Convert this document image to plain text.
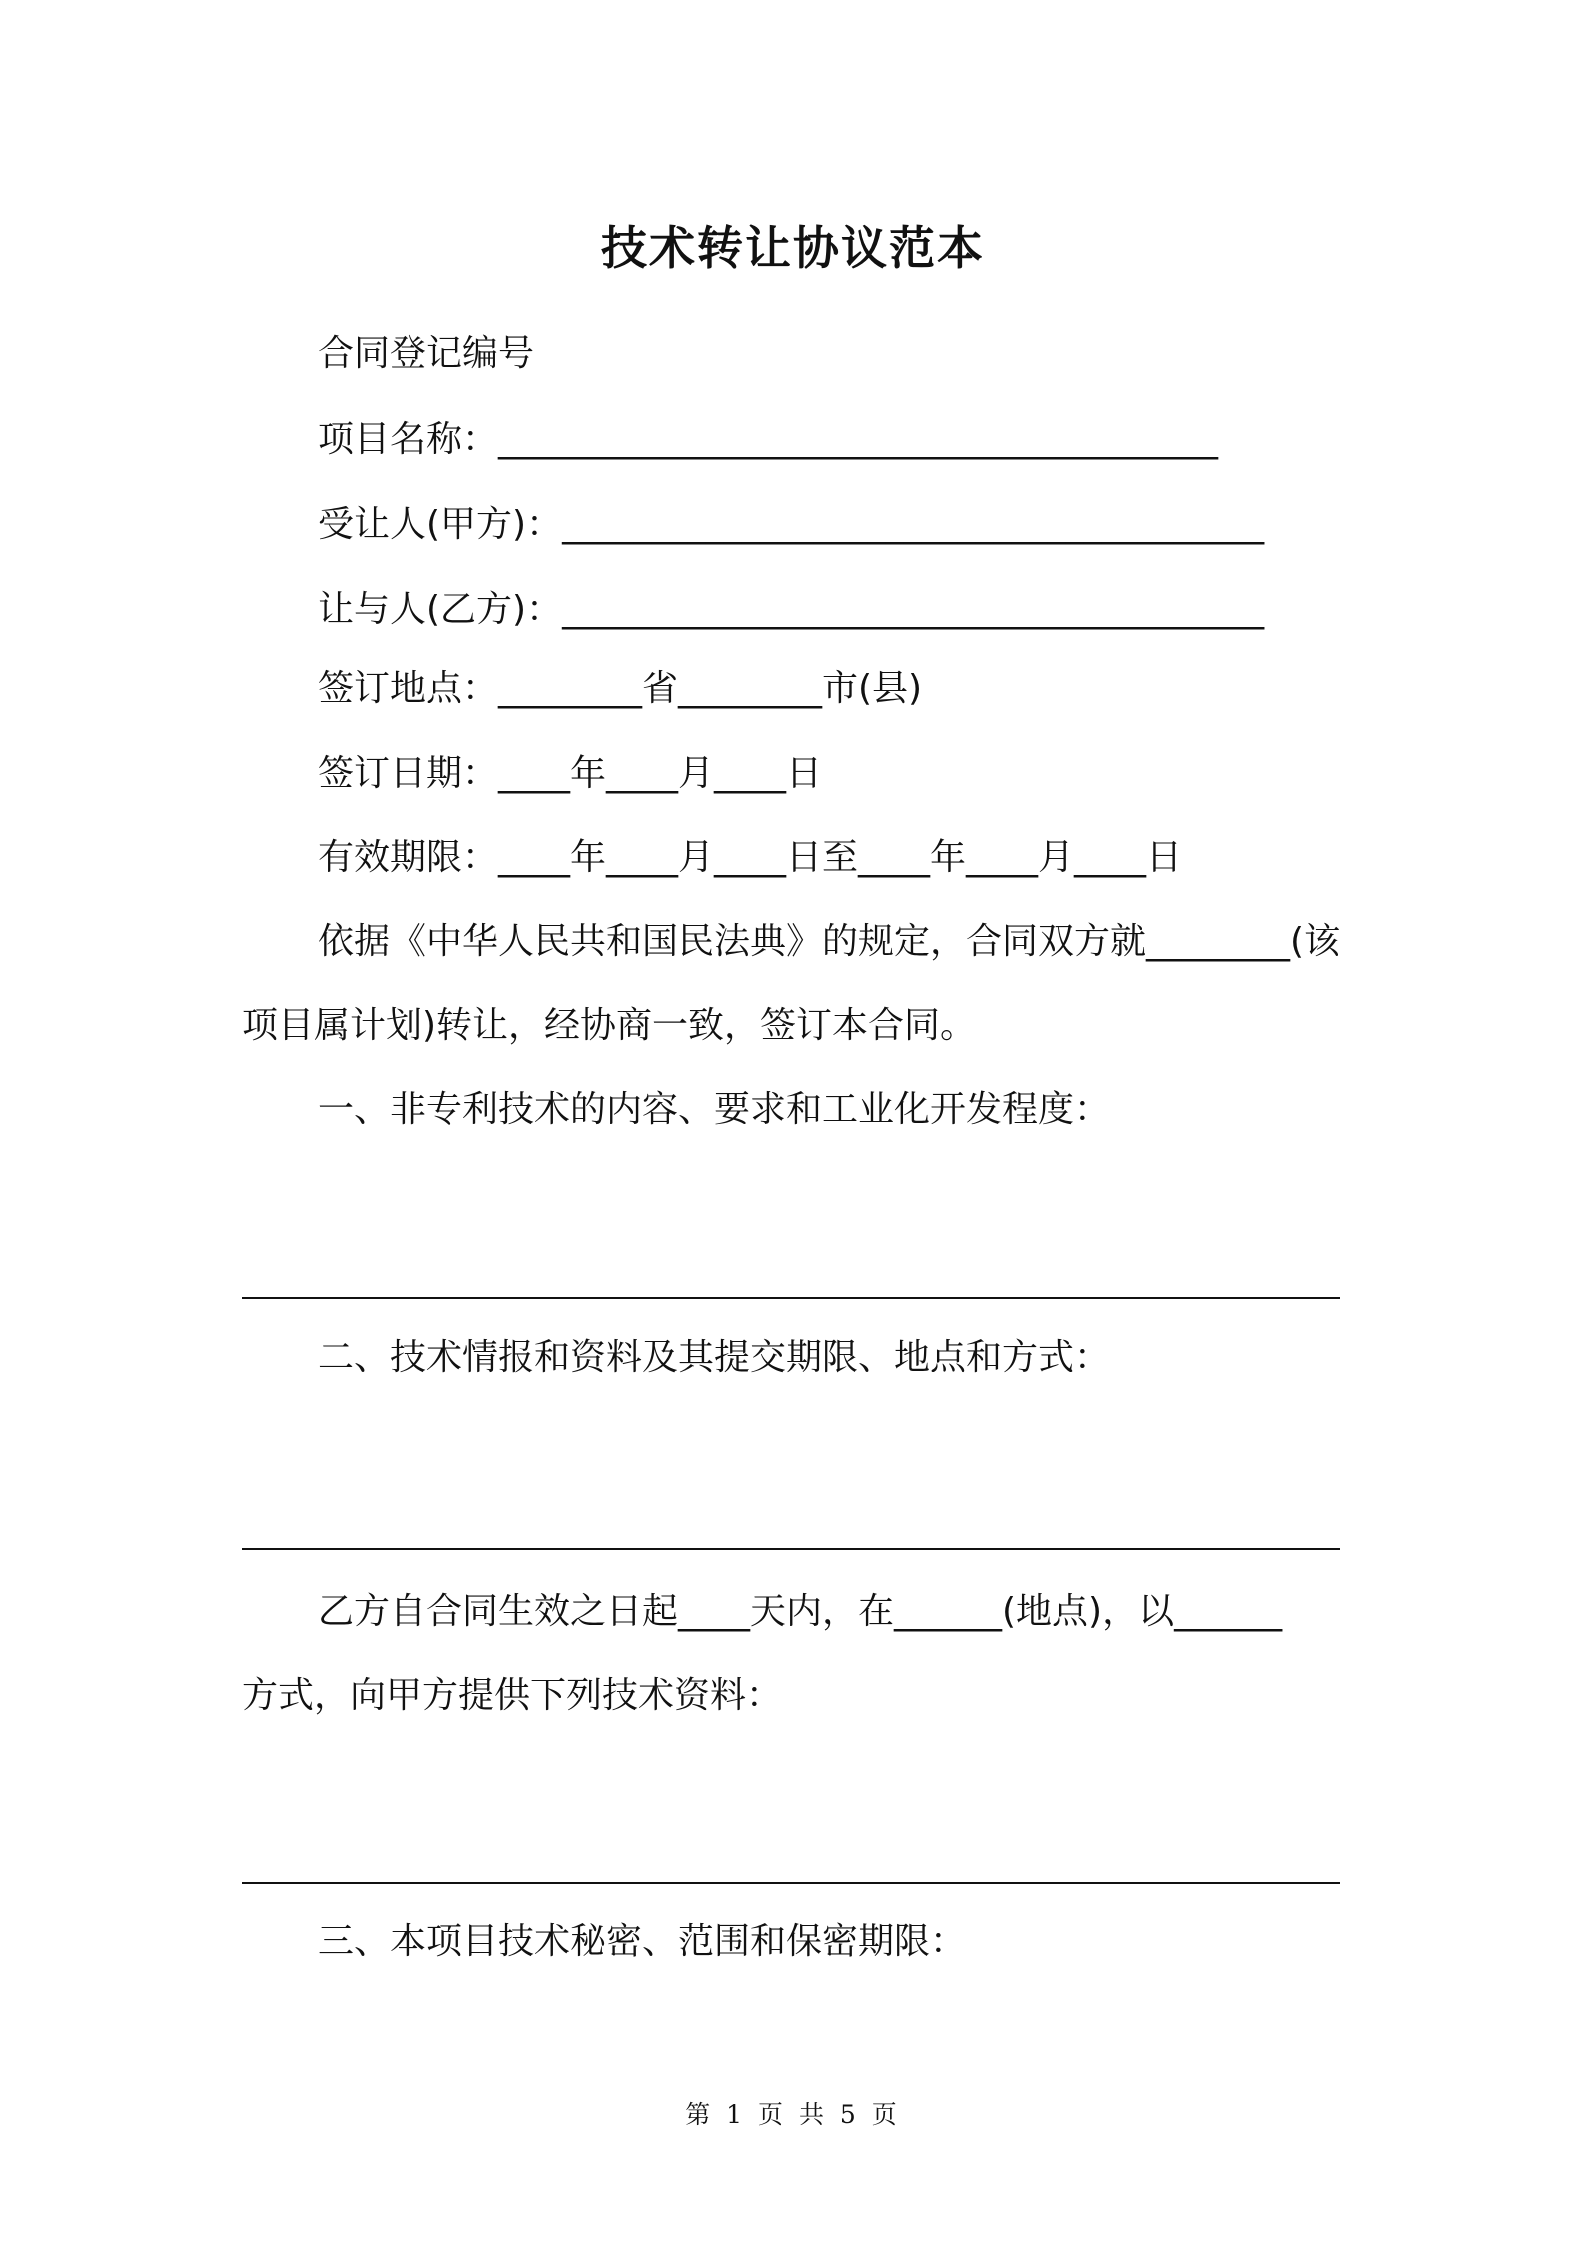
技术转让协议范本
合同登记编号
项目名称：________________________________________
受让人(甲方)：_______________________________________
让与人(乙方)：_______________________________________
签订地点：________省________市(县)
签订日期：____年____月____日
有效期限：____年____月____日至____年____月____日
依据《中华人民共和国民法典》的规定，合同双方就________(该
项目属计划)转让，经协商一致，签订本合同。
一、非专利技术的内容、要求和工业化开发程度：
二、技术情报和资料及其提交期限、地点和方式：
乙方自合同生效之日起____天内，在______(地点)，以______
方式，向甲方提供下列技术资料：
三、本项目技术秘密、范围和保密期限：
第 1 页 共 5 页
